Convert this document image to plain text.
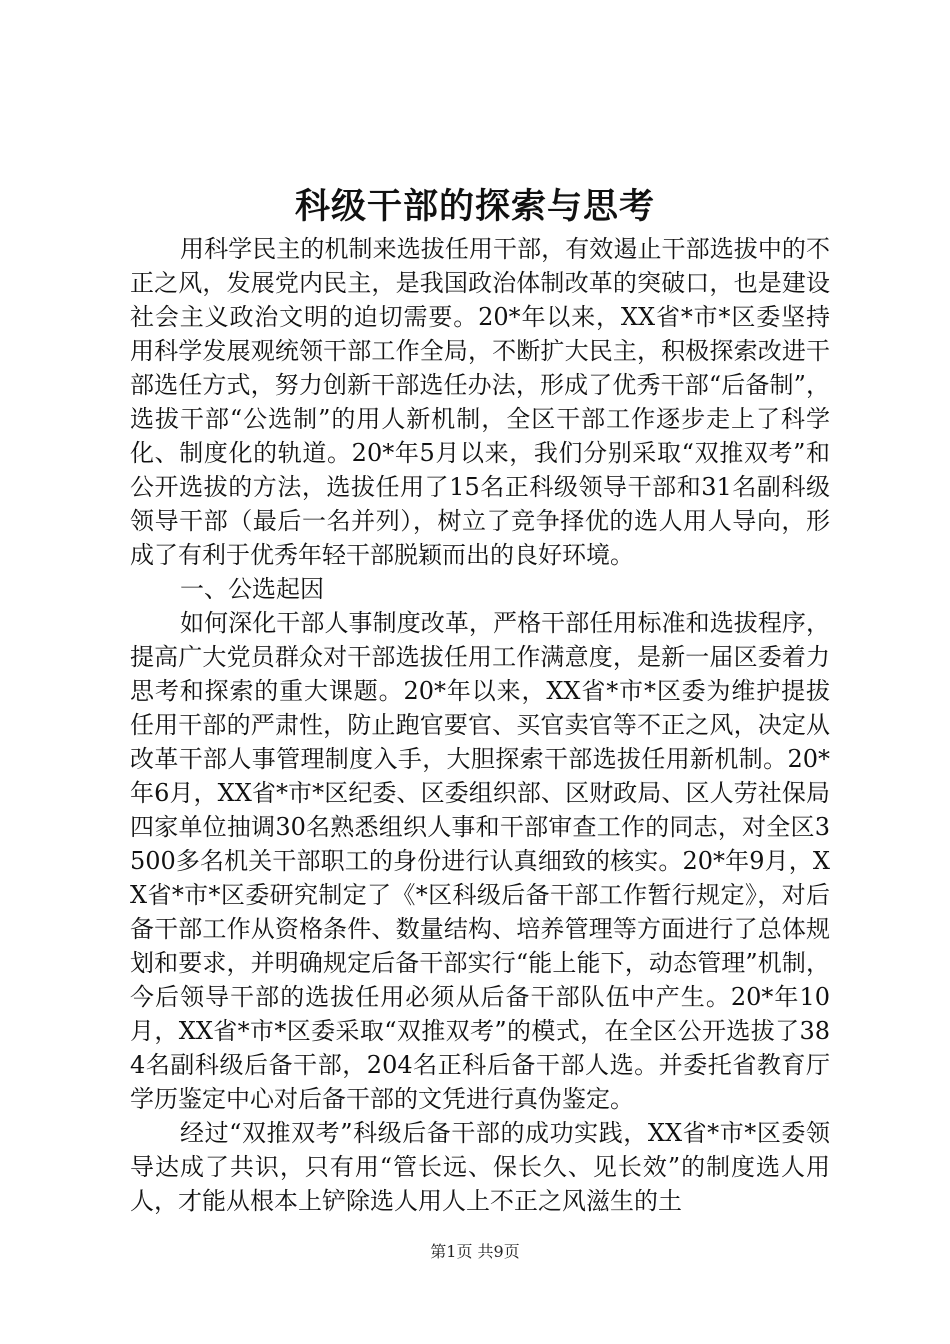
科级干部的探索与思考

用科学民主的机制来选拔任用干部，有效遏止干部选拔中的不正之风，发展党内民主，是我国政治体制改革的突破口，也是建设社会主义政治文明的迫切需要。20*年以来，XX省*市*区委坚持用科学发展观统领干部工作全局，不断扩大民主，积极探索改进干部选任方式，努力创新干部选任办法，形成了优秀干部“后备制”，选拔干部“公选制”的用人新机制，全区干部工作逐步走上了科学化、制度化的轨道。20*年5月以来，我们分别采取“双推双考”和公开选拔的方法，选拔任用了15名正科级领导干部和31名副科级领导干部（最后一名并列），树立了竞争择优的选人用人导向，形成了有利于优秀年轻干部脱颖而出的良好环境。

一、公选起因

如何深化干部人事制度改革，严格干部任用标准和选拔程序，提高广大党员群众对干部选拔任用工作满意度，是新一届区委着力思考和探索的重大课题。20*年以来，XX省*市*区委为维护提拔任用干部的严肃性，防止跑官要官、买官卖官等不正之风，决定从改革干部人事管理制度入手，大胆探索干部选拔任用新机制。20*年6月，XX省*市*区纪委、区委组织部、区财政局、区人劳社保局四家单位抽调30名熟悉组织人事和干部审查工作的同志，对全区3500多名机关干部职工的身份进行认真细致的核实。20*年9月，XX省*市*区委研究制定了《*区科级后备干部工作暂行规定》，对后备干部工作从资格条件、数量结构、培养管理等方面进行了总体规划和要求，并明确规定后备干部实行“能上能下，动态管理”机制，今后领导干部的选拔任用必须从后备干部队伍中产生。20*年10月，XX省*市*区委采取“双推双考”的模式，在全区公开选拔了384名副科级后备干部，204名正科后备干部人选。并委托省教育厅学历鉴定中心对后备干部的文凭进行真伪鉴定。

经过“双推双考”科级后备干部的成功实践，XX省*市*区委领导达成了共识，只有用“管长远、保长久、见长效”的制度选人用人，才能从根本上铲除选人用人上不正之风滋生的土

第1页 共9页
